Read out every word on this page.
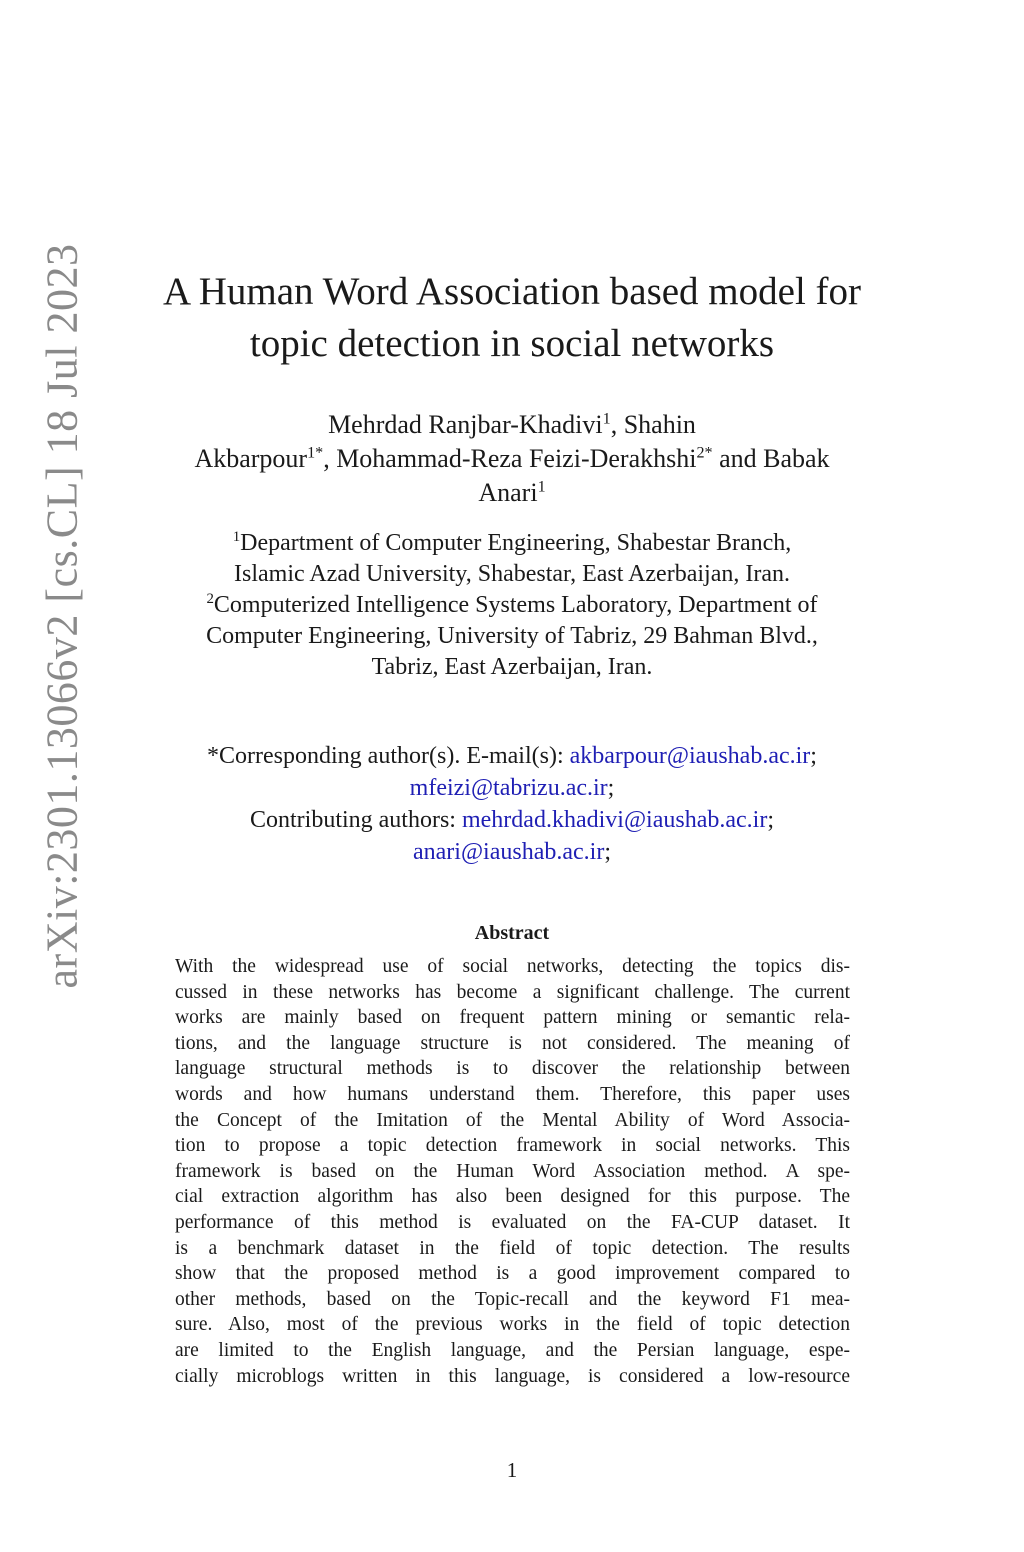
arXiv:2301.13066v2 [cs.CL] 18 Jul 2023	A Human Word Association based model for
topic detection in social networks
Mehrdad Ranjbar-Khadivi$^1$, Shahin
Akbarpour$^{1*}$, Mohammad-Reza Feizi-Derakhshi$^{2*}$ and Babak
Anari$^1$
$^1$Department of Computer Engineering, Shabestar Branch,
Islamic Azad University, Shabestar, East Azerbaijan, Iran.
$^2$Computerized Intelligence Systems Laboratory, Department of
Computer Engineering, University of Tabriz, 29 Bahman Blvd.,
Tabriz, East Azerbaijan, Iran.
*Corresponding author(s). E-mail(s): akbarpour@iaushab.ac.ir;
mfeizi@tabrizu.ac.ir;
Contributing authors: mehrdad.khadivi@iaushab.ac.ir;
anari@iaushab.ac.ir;
Abstract
With the widespread use of social networks, detecting the topics dis-
cussed in these networks has become a significant challenge. The current
works are mainly based on frequent pattern mining or semantic rela-
tions, and the language structure is not considered. The meaning of
language structural methods is to discover the relationship between
words and how humans understand them. Therefore, this paper uses
the Concept of the Imitation of the Mental Ability of Word Associa-
tion to propose a topic detection framework in social networks. This
framework is based on the Human Word Association method. A spe-
cial extraction algorithm has also been designed for this purpose. The
performance of this method is evaluated on the FA-CUP dataset. It
is a benchmark dataset in the field of topic detection. The results
show that the proposed method is a good improvement compared to
other methods, based on the Topic-recall and the keyword F1 mea-
sure. Also, most of the previous works in the field of topic detection
are limited to the English language, and the Persian language, espe-
cially microblogs written in this language, is considered a low-resource
1
